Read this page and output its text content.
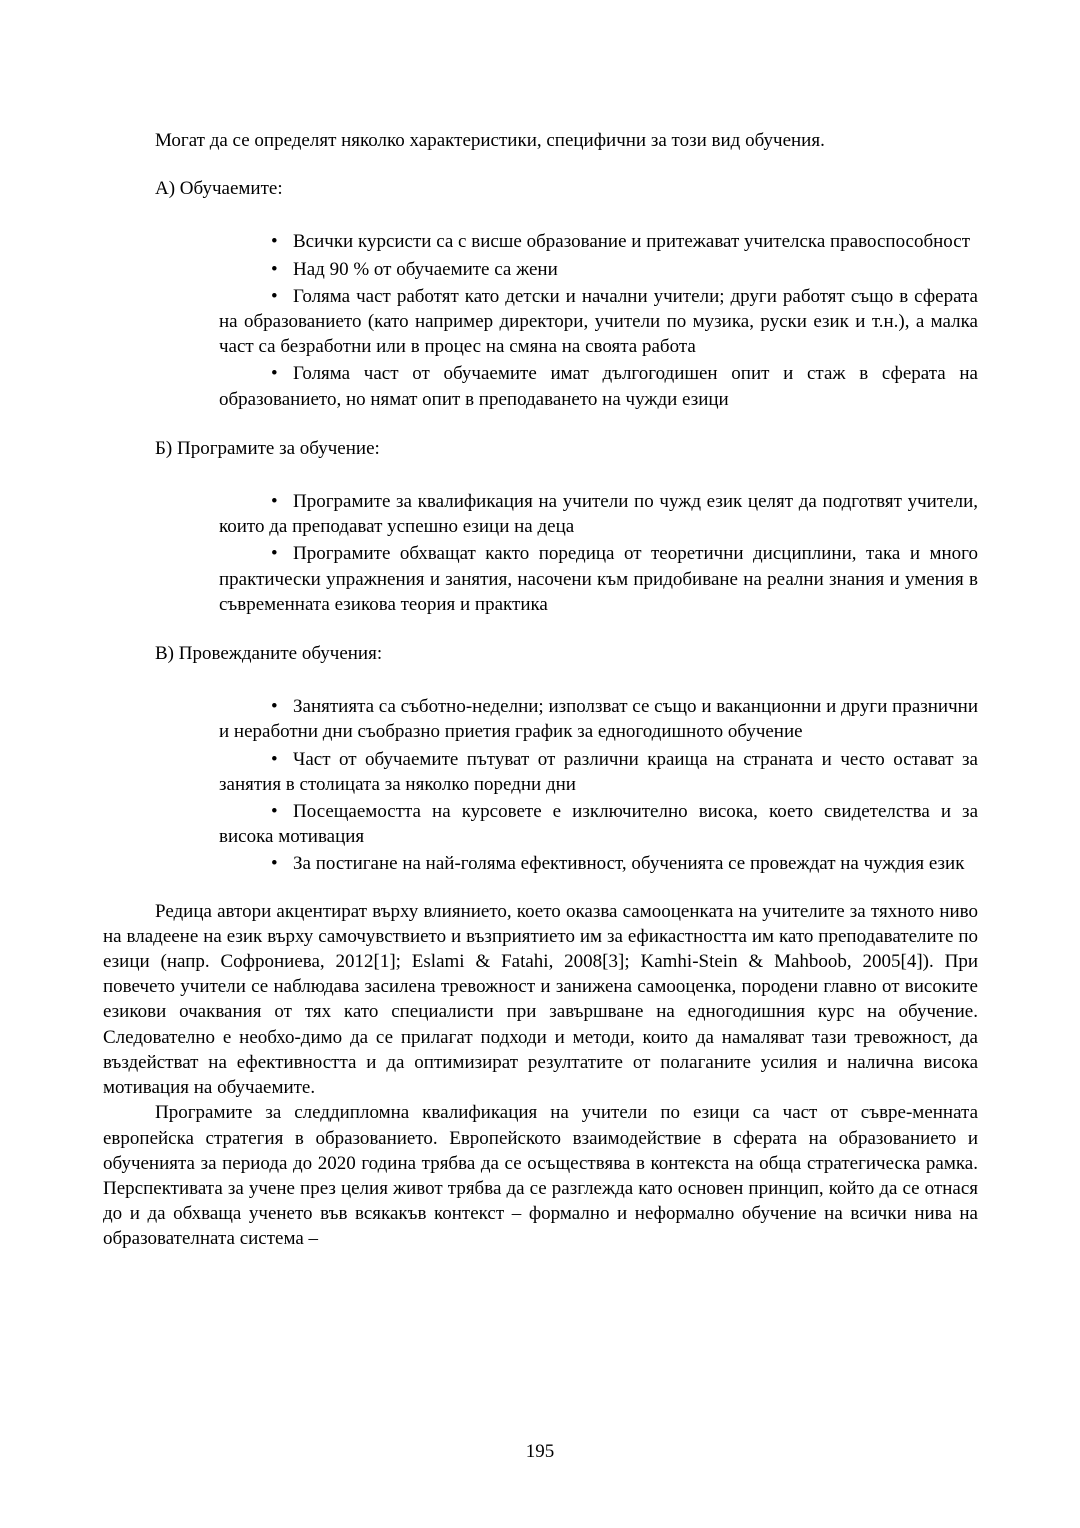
Могат да се определят няколко характеристики, специфични за този вид обучения.

А) Обучаемите:

• Всички курсисти са с висше образование и притежават учителска правоспособност
• Над 90 % от обучаемите са жени
• Голяма част работят като детски и начални учители; други работят също в сферата на образованието (като например директори, учители по музика, руски език и т.н.), а малка част са безработни или в процес на смяна на своята работа
• Голяма част от обучаемите имат дългогодишен опит и стаж в сферата на образованието, но нямат опит в преподаването на чужди езици

Б) Програмите за обучение:

• Програмите за квалификация на учители по чужд език целят да подготвят учители, които да преподават успешно езици на деца
• Програмите обхващат както поредица от теоретични дисциплини, така и много практически упражнения и занятия, насочени към придобиване на реални знания и умения в съвременната езикова теория и практика

В) Провежданите обучения:

• Занятията са съботно-неделни; използват се също и ваканционни и други празнични и неработни дни съобразно приетия график за едногодишното обучение
• Част от обучаемите пътуват от различни краища на страната и често остават за занятия в столицата за няколко поредни дни
• Посещаемостта на курсовете е изключително висока, което свидетелства и за висока мотивация
• За постигане на най-голяма ефективност, обученията се провеждат на чуждия език

Редица автори акцентират върху влиянието, което оказва самооценката на учителите за тяхното ниво на владеене на език върху самочувствието и възприятието им за ефикастността им като преподавателите по езици (напр. Софрониева, 2012[1]; Eslami & Fatahi, 2008[3]; Kamhi-Stein & Mahboob, 2005[4]). При повечето учители се наблюдава засилена тревожност и занижена самооценка, породени главно от високите езикови очаквания от тях като специалисти при завършване на едногодишния курс на обучение. Следователно е необхо-димо да се прилагат подходи и методи, които да намаляват тази тревожност, да въздействат на ефективността и да оптимизират резултатите от полаганите усилия и налична висока мотивация на обучаемите.

Програмите за следдипломна квалификация на учители по езици са част от съвре-менната европейска стратегия в образованието. Европейското взаимодействие в сферата на образованието и обученията за периода до 2020 година трябва да се осъществява в контекста на обща стратегическа рамка. Перспективата за учене през целия живот трябва да се разглежда като основен принцип, който да се отнася до и да обхваща ученето във всякакъв контекст – формално и неформално обучение на всички нива на образователната система –

195
